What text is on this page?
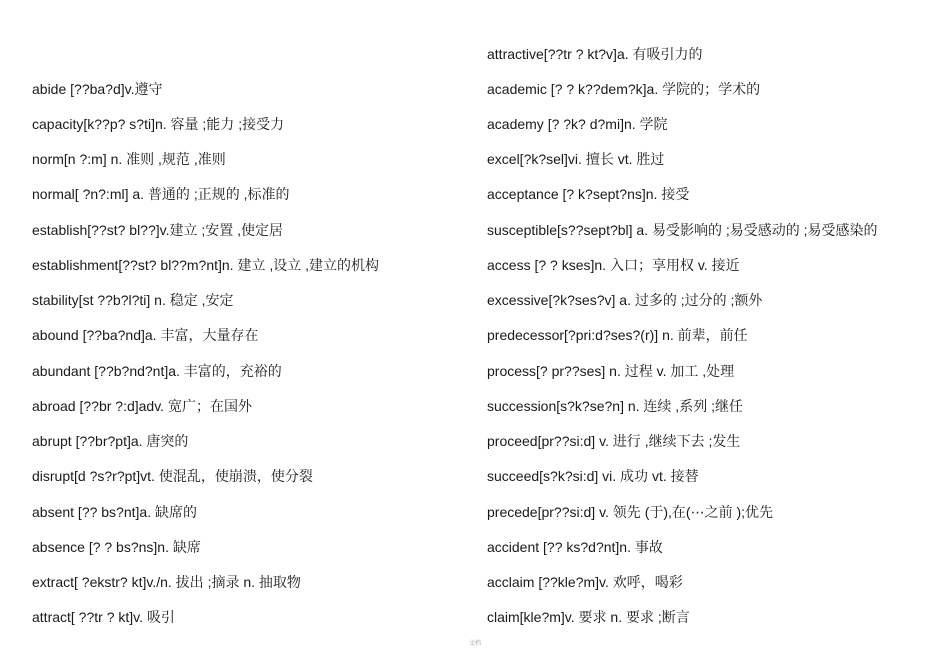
abide [??ba?d]v.遵守
capacity[k??p? s?ti]n. 容量 ;能力 ;接受力
norm[n ?:m] n. 准则 ,规范 ,准则
normal[ ?n?:ml] a. 普通的 ;正规的 ,标准的
establish[??st? bl??]v.建立 ;安置 ,使定居
establishment[??st? bl??m?nt]n. 建立 ,设立 ,建立的机构
stability[st ??b?l?ti] n. 稳定 ,安定
abound [??ba?nd]a. 丰富，大量存在
abundant [??b?nd?nt]a. 丰富的，充裕的
abroad [??br ?:d]adv. 宽广；在国外
abrupt [??br?pt]a. 唐突的
disrupt[d ?s?r?pt]vt. 使混乱，使崩溃，使分裂
absent [?? bs?nt]a. 缺席的
absence [? ? bs?ns]n. 缺席
extract[ ?ekstr? kt]v./n. 拔出 ;摘录 n. 抽取物
attract[ ??tr ? kt]v. 吸引
attractive[??tr ? kt?v]a. 有吸引力的
academic [? ? k??dem?k]a. 学院的；学术的
academy [? ?k? d?mi]n. 学院
excel[?k?sel]vi. 擅长 vt. 胜过
acceptance [? k?sept?ns]n. 接受
susceptible[s??sept?bl] a. 易受影响的 ;易受感动的 ;易受感染的
access [? ? kses]n. 入口；享用权 v. 接近
excessive[?k?ses?v] a. 过多的 ;过分的 ;额外
predecessor[?pri:d?ses?(r)] n. 前辈，前任
process[? pr??ses] n. 过程 v. 加工 ,处理
succession[s?k?se?n] n. 连续 ,系列 ;继任
proceed[pr??si:d] v. 进行 ,继续下去 ;发生
succeed[s?k?si:d] vi. 成功 vt. 接替
precede[pr??si:d] v. 领先 (于),在(⋯之前 );优先
accident [?? ks?d?nt]n. 事故
acclaim [??kle?m]v. 欢呼，喝彩
claim[kle?m]v. 要求 n. 要求 ;断言
文档
